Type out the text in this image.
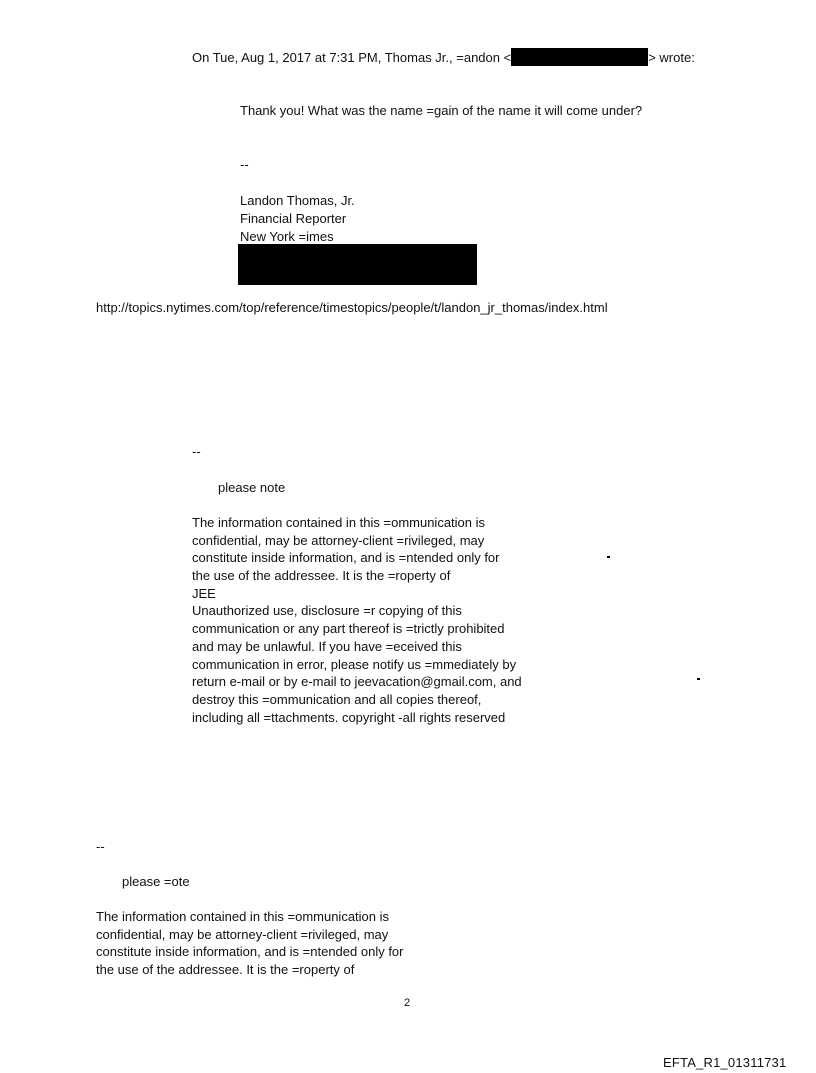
On Tue, Aug 1, 2017 at 7:31 PM, Thomas Jr., =andon <	> wrote:
Thank you! What was the name =gain of the name it will come under?
--
Landon Thomas, Jr.
Financial Reporter
New York =imes
http://topics.nytimes.com/top/reference/timestopics/people/t/landon_jr_thomas/index.html
--
please note
The information contained in this =ommunication is
confidential, may be attorney-client =rivileged, may
constitute inside information, and is =ntended only for
the use of the addressee. It is the =roperty of
JEE
Unauthorized use, disclosure =r copying of this
communication or any part thereof is =trictly prohibited
and may be unlawful. If you have =eceived this
communication in error, please notify us =mmediately by
return e-mail or by e-mail to jeevacation@gmail.com, and
destroy this =ommunication and all copies thereof,
including all =ttachments. copyright -all rights reserved
--
please =ote
The information contained in this =ommunication is
confidential, may be attorney-client =rivileged, may
constitute inside information, and is =ntended only for
the use of the addressee. It is the =roperty of
2
EFTA_R1_01311731
